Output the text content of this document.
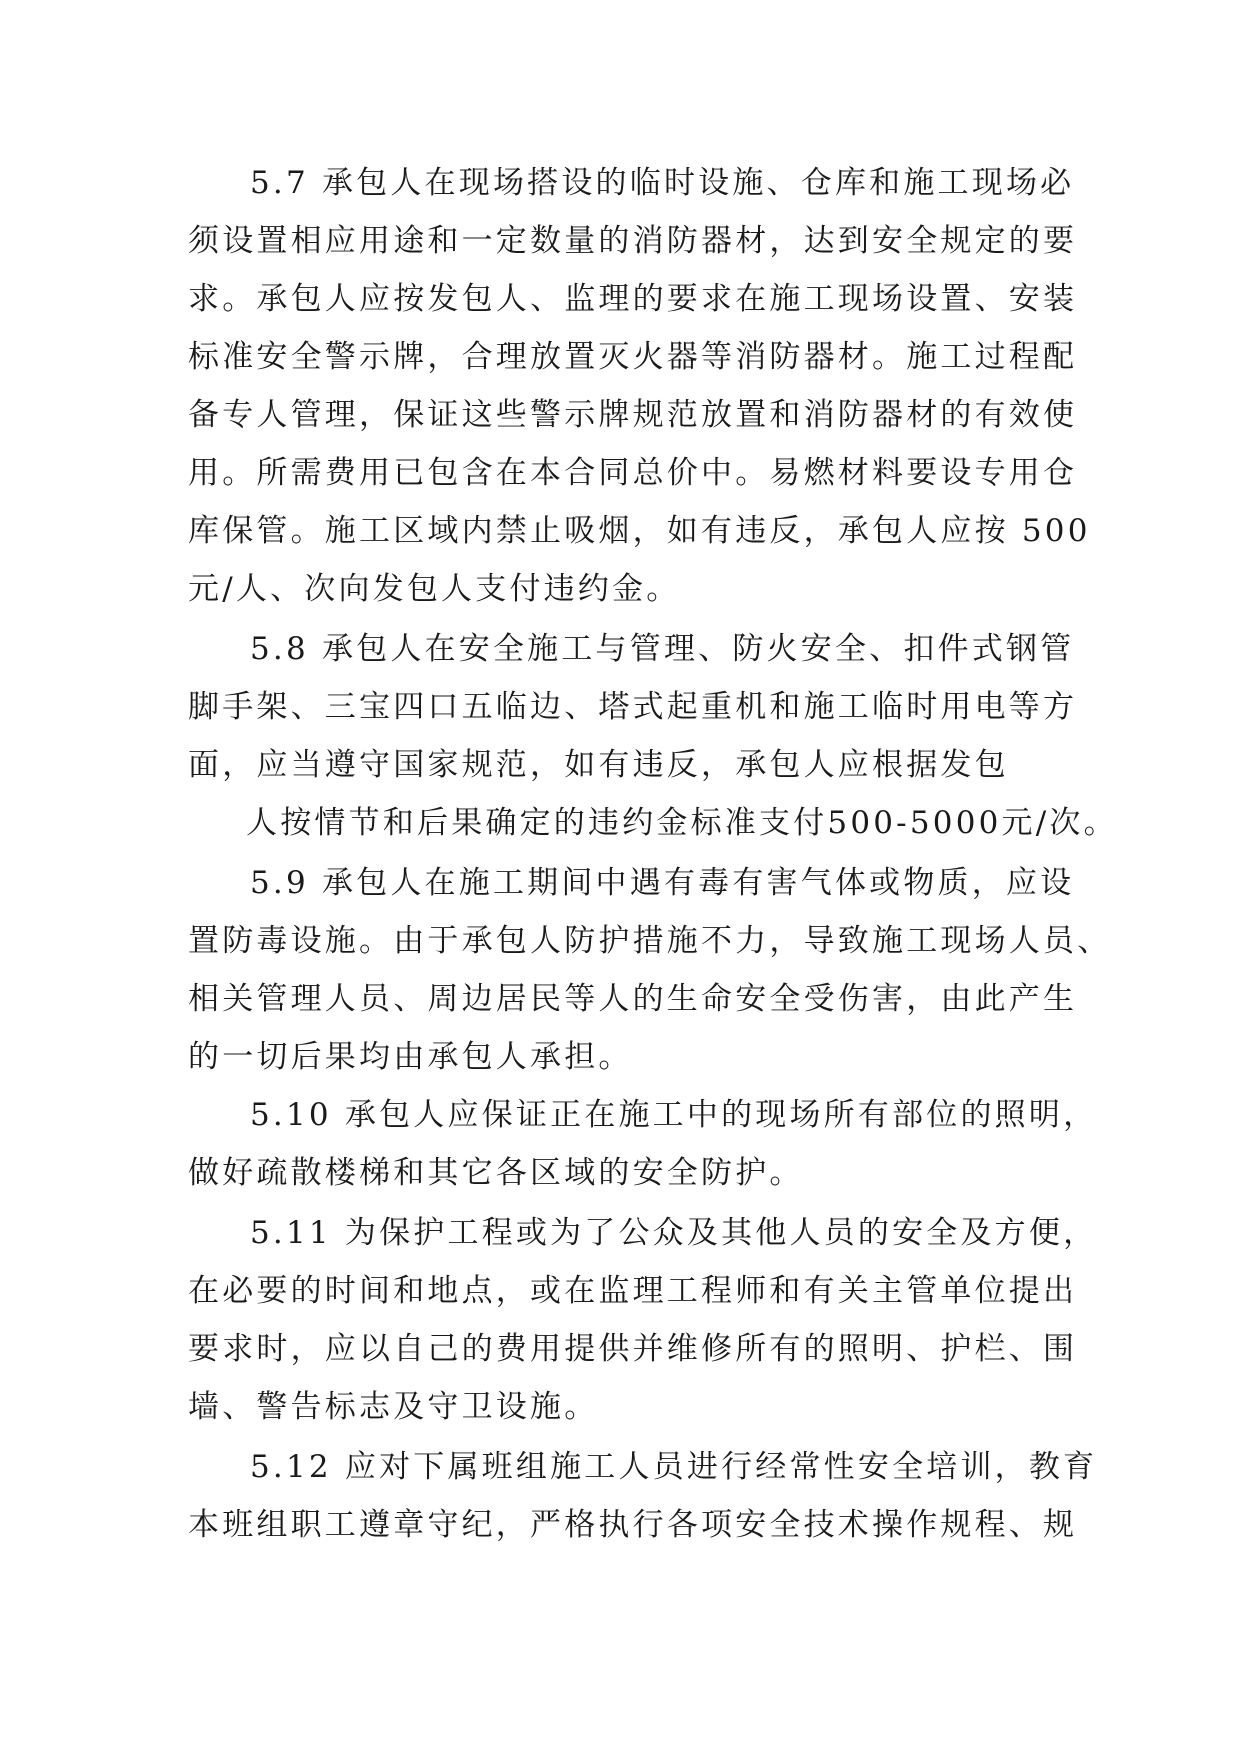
5.7 承包人在现场搭设的临时设施、仓库和施工现场必
须设置相应用途和一定数量的消防器材，达到安全规定的要
求。承包人应按发包人、监理的要求在施工现场设置、安装
标准安全警示牌，合理放置灭火器等消防器材。施工过程配
备专人管理，保证这些警示牌规范放置和消防器材的有效使
用。所需费用已包含在本合同总价中。易燃材料要设专用仓
库保管。施工区域内禁止吸烟，如有违反，承包人应按 500
元/人、次向发包人支付违约金。
5.8 承包人在安全施工与管理、防火安全、扣件式钢管
脚手架、三宝四口五临边、塔式起重机和施工临时用电等方
面，应当遵守国家规范，如有违反，承包人应根据发包
人按情节和后果确定的违约金标准支付500-5000元/次。
5.9 承包人在施工期间中遇有毒有害气体或物质，应设
置防毒设施。由于承包人防护措施不力，导致施工现场人员、
相关管理人员、周边居民等人的生命安全受伤害，由此产生
的一切后果均由承包人承担。
5.10 承包人应保证正在施工中的现场所有部位的照明，
做好疏散楼梯和其它各区域的安全防护。
5.11 为保护工程或为了公众及其他人员的安全及方便，
在必要的时间和地点，或在监理工程师和有关主管单位提出
要求时，应以自己的费用提供并维修所有的照明、护栏、围
墙、警告标志及守卫设施。
5.12 应对下属班组施工人员进行经常性安全培训，教育
本班组职工遵章守纪，严格执行各项安全技术操作规程、规
